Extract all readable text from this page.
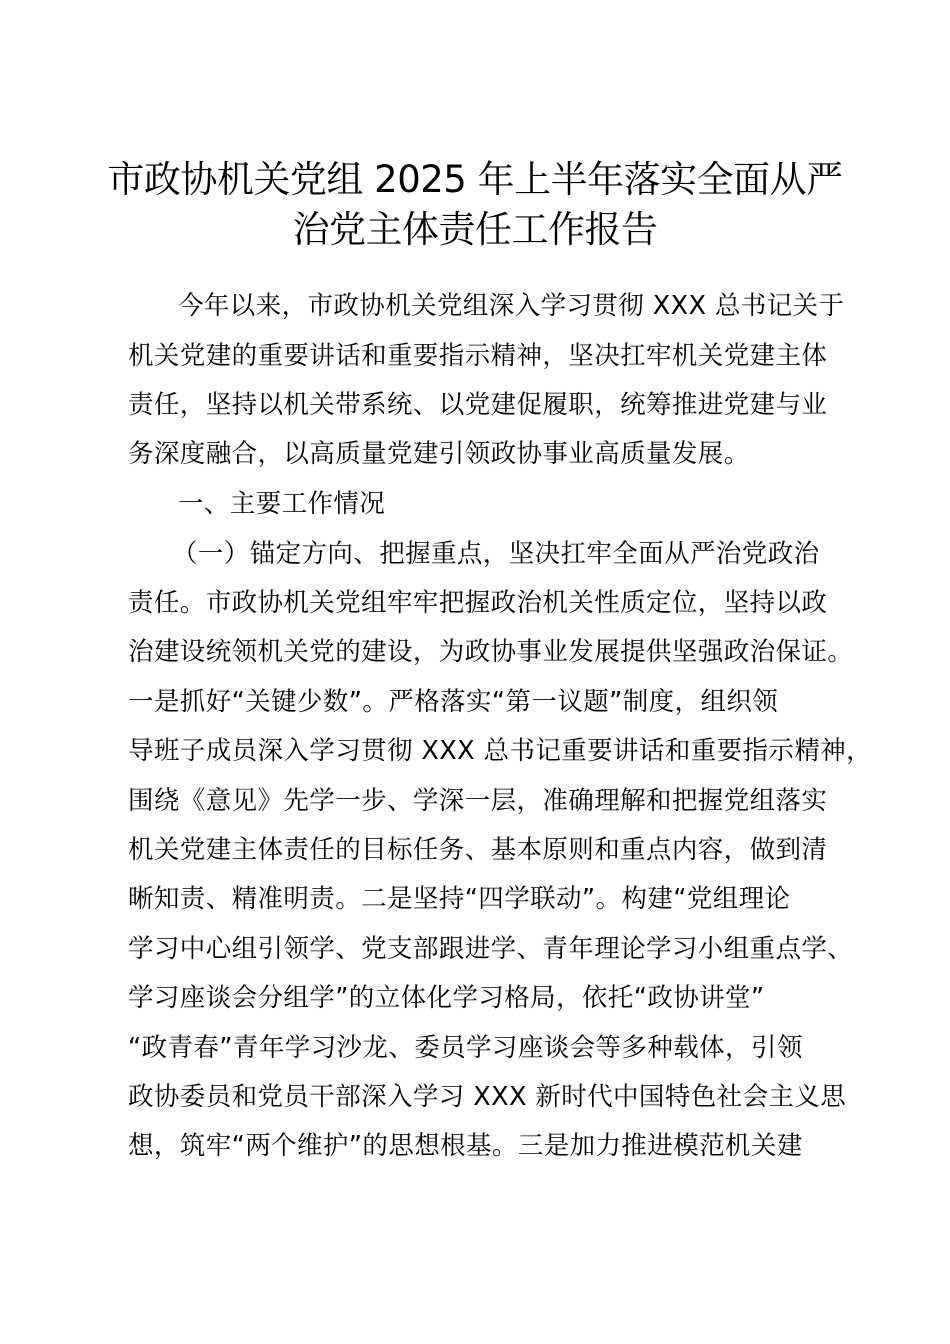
市政协机关党组 2025 年上半年落实全面从严
治党主体责任工作报告
今年以来，市政协机关党组深入学习贯彻 XXX 总书记关于
机关党建的重要讲话和重要指示精神，坚决扛牢机关党建主体
责任，坚持以机关带系统、以党建促履职，统筹推进党建与业
务深度融合，以高质量党建引领政协事业高质量发展。
一、主要工作情况
（一）锚定方向、把握重点，坚决扛牢全面从严治党政治
责任。市政协机关党组牢牢把握政治机关性质定位，坚持以政
治建设统领机关党的建设，为政协事业发展提供坚强政治保证。
一是抓好“关键少数”。严格落实“第一议题”制度，组织领
导班子成员深入学习贯彻 XXX 总书记重要讲话和重要指示精神，
围绕《意见》先学一步、学深一层，准确理解和把握党组落实
机关党建主体责任的目标任务、基本原则和重点内容，做到清
晰知责、精准明责。二是坚持“四学联动”。构建“党组理论
学习中心组引领学、党支部跟进学、青年理论学习小组重点学、
学习座谈会分组学”的立体化学习格局，依托“政协讲堂”
“政青春”青年学习沙龙、委员学习座谈会等多种载体，引领
政协委员和党员干部深入学习 XXX 新时代中国特色社会主义思
想，筑牢“两个维护”的思想根基。三是加力推进模范机关建
